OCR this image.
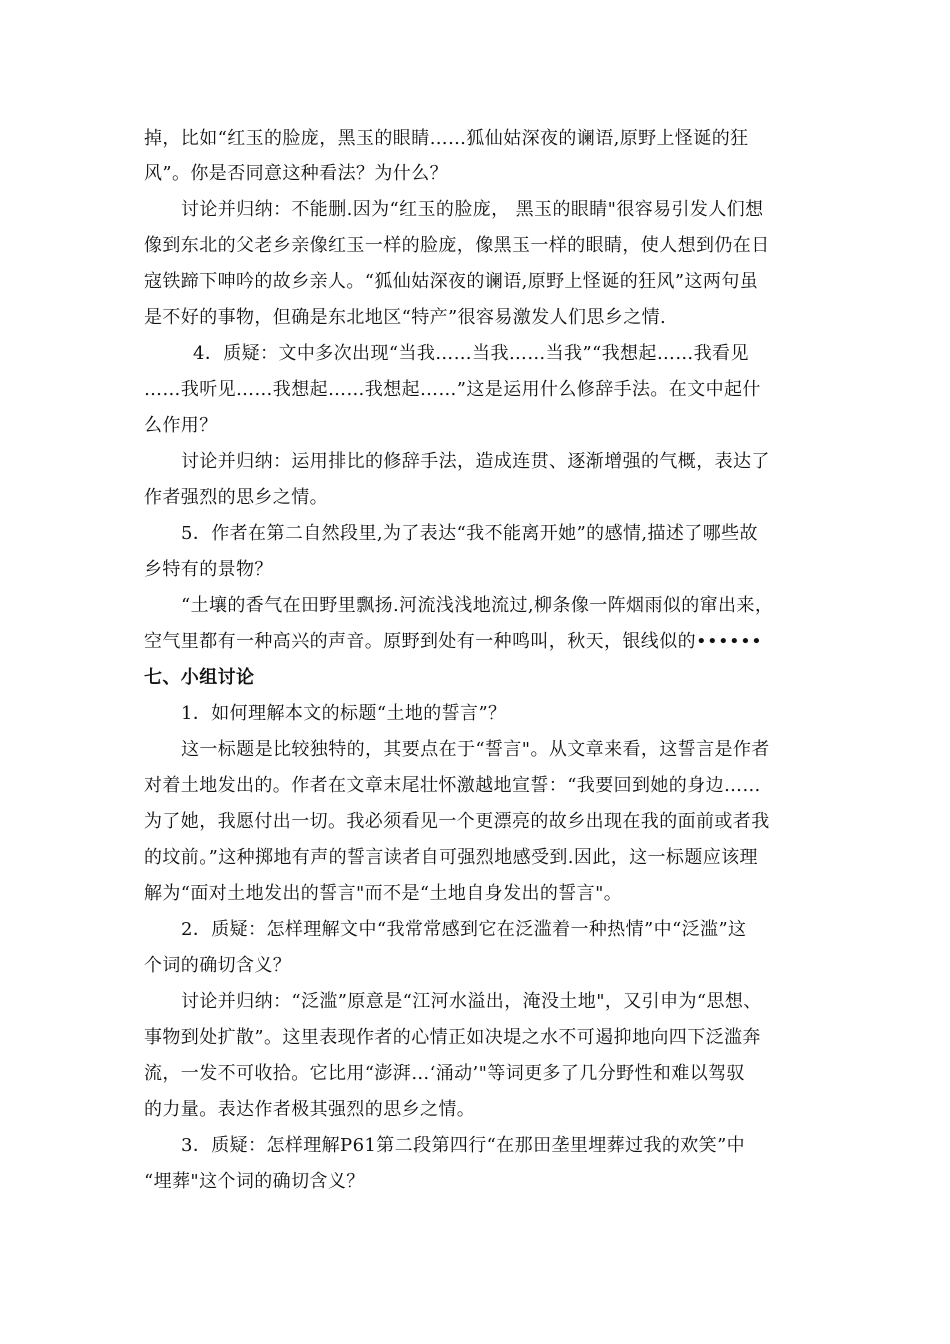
掉，比如“红玉的脸庞，黑玉的眼睛……狐仙姑深夜的谰语,原野上怪诞的狂
风”。你是否同意这种看法？为什么？
讨论并归纳：不能删.因为“红玉的脸庞， 黑玉的眼睛"很容易引发人们想
像到东北的父老乡亲像红玉一样的脸庞，像黑玉一样的眼睛，使人想到仍在日
寇铁蹄下呻吟的故乡亲人。“狐仙姑深夜的谰语,原野上怪诞的狂风”这两句虽
是不好的事物，但确是东北地区“特产”很容易激发人们思乡之情.
4．质疑：文中多次出现“当我……当我……当我”“我想起……我看见
……我听见……我想起……我想起……”这是运用什么修辞手法。在文中起什
么作用？
讨论并归纳：运用排比的修辞手法，造成连贯、逐渐增强的气概，表达了
作者强烈的思乡之情。
5．作者在第二自然段里,为了表达“我不能离开她”的感情,描述了哪些故
乡特有的景物？
“土壤的香气在田野里飘扬.河流浅浅地流过,柳条像一阵烟雨似的窜出来，
空气里都有一种高兴的声音。原野到处有一种鸣叫，秋天，银线似的••••••
七、小组讨论
1．如何理解本文的标题“土地的誓言”？
这一标题是比较独特的，其要点在于“誓言"。从文章来看，这誓言是作者
对着土地发出的。作者在文章末尾壮怀激越地宣誓：“我要回到她的身边……
为了她，我愿付出一切。我必须看见一个更漂亮的故乡出现在我的面前或者我
的坟前。”这种掷地有声的誓言读者自可强烈地感受到.因此，这一标题应该理
解为“面对土地发出的誓言"而不是“土地自身发出的誓言"。
2．质疑：怎样理解文中“我常常感到它在泛滥着一种热情”中“泛滥”这
个词的确切含义？
讨论并归纳：“泛滥”原意是“江河水溢出，淹没土地"，又引申为“思想、
事物到处扩散”。这里表现作者的心情正如决堤之水不可遏抑地向四下泛滥奔
流，一发不可收拾。它比用“澎湃…‘涌动’"等词更多了几分野性和难以驾驭
的力量。表达作者极其强烈的思乡之情。
3．质疑：怎样理解P61第二段第四行“在那田垄里埋葬过我的欢笑”中
“埋葬"这个词的确切含义？
